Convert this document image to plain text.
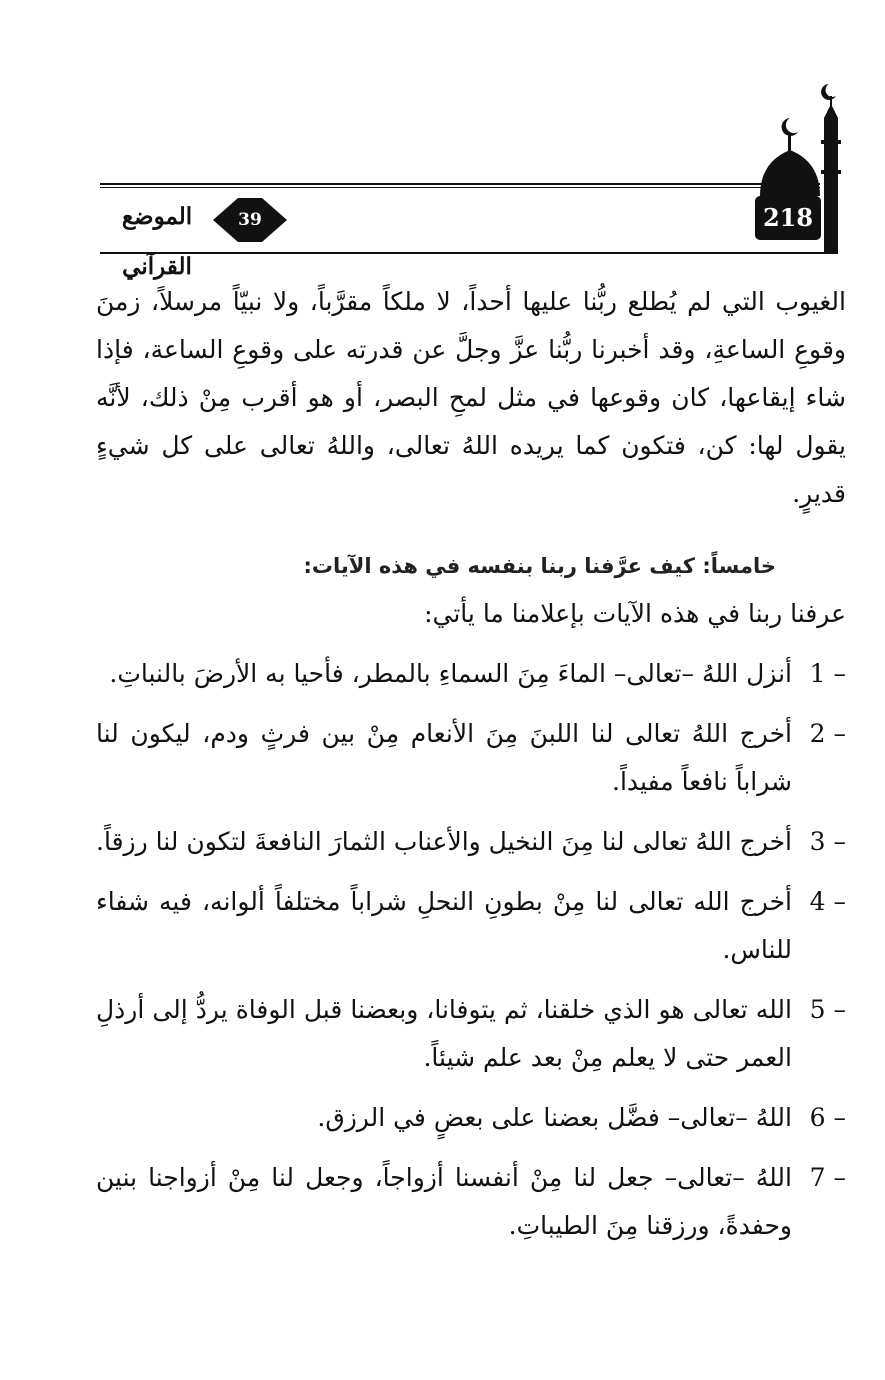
218
39
الموضع القرآني

الغيوب التي لم يُطلع ربُّنا عليها أحداً، لا ملكاً مقرَّباً، ولا نبيّاً مرسلاً، زمنَ وقوعِ الساعةِ، وقد أخبرنا ربُّنا عزَّ وجلَّ عن قدرته على وقوعِ الساعة، فإذا شاء إيقاعها، كان وقوعها في مثل لمحِ البصر، أو هو أقرب مِنْ ذلك، لأنَّه يقول لها: كن، فتكون كما يريده اللهُ تعالى، واللهُ تعالى على كل شيءٍ قديرٍ.

خامساً: كيف عرَّفنا ربنا بنفسه في هذه الآيات:
عرفنا ربنا في هذه الآيات بإعلامنا ما يأتي:
1 –
أنزل اللهُ –تعالى– الماءَ مِنَ السماءِ بالمطر، فأحيا به الأرضَ بالنباتِ.
2 –
أخرج اللهُ تعالى لنا اللبنَ مِنَ الأنعام مِنْ بين فرثٍ ودم، ليكون لنا شراباً نافعاً مفيداً.
3 –
أخرج اللهُ تعالى لنا مِنَ النخيل والأعناب الثمارَ النافعةَ لتكون لنا رزقاً.
4 –
أخرج الله تعالى لنا مِنْ بطونِ النحلِ شراباً مختلفاً ألوانه، فيه شفاء للناس.
5 –
الله تعالى هو الذي خلقنا، ثم يتوفانا، وبعضنا قبل الوفاة يردُّ إلى أرذلِ العمر حتى لا يعلم مِنْ بعد علم شيئاً.
6 –
اللهُ –تعالى– فضَّل بعضنا على بعضٍ في الرزق.
7 –
اللهُ –تعالى– جعل لنا مِنْ أنفسنا أزواجاً، وجعل لنا مِنْ أزواجنا بنين وحفدةً، ورزقنا مِنَ الطيباتِ.
